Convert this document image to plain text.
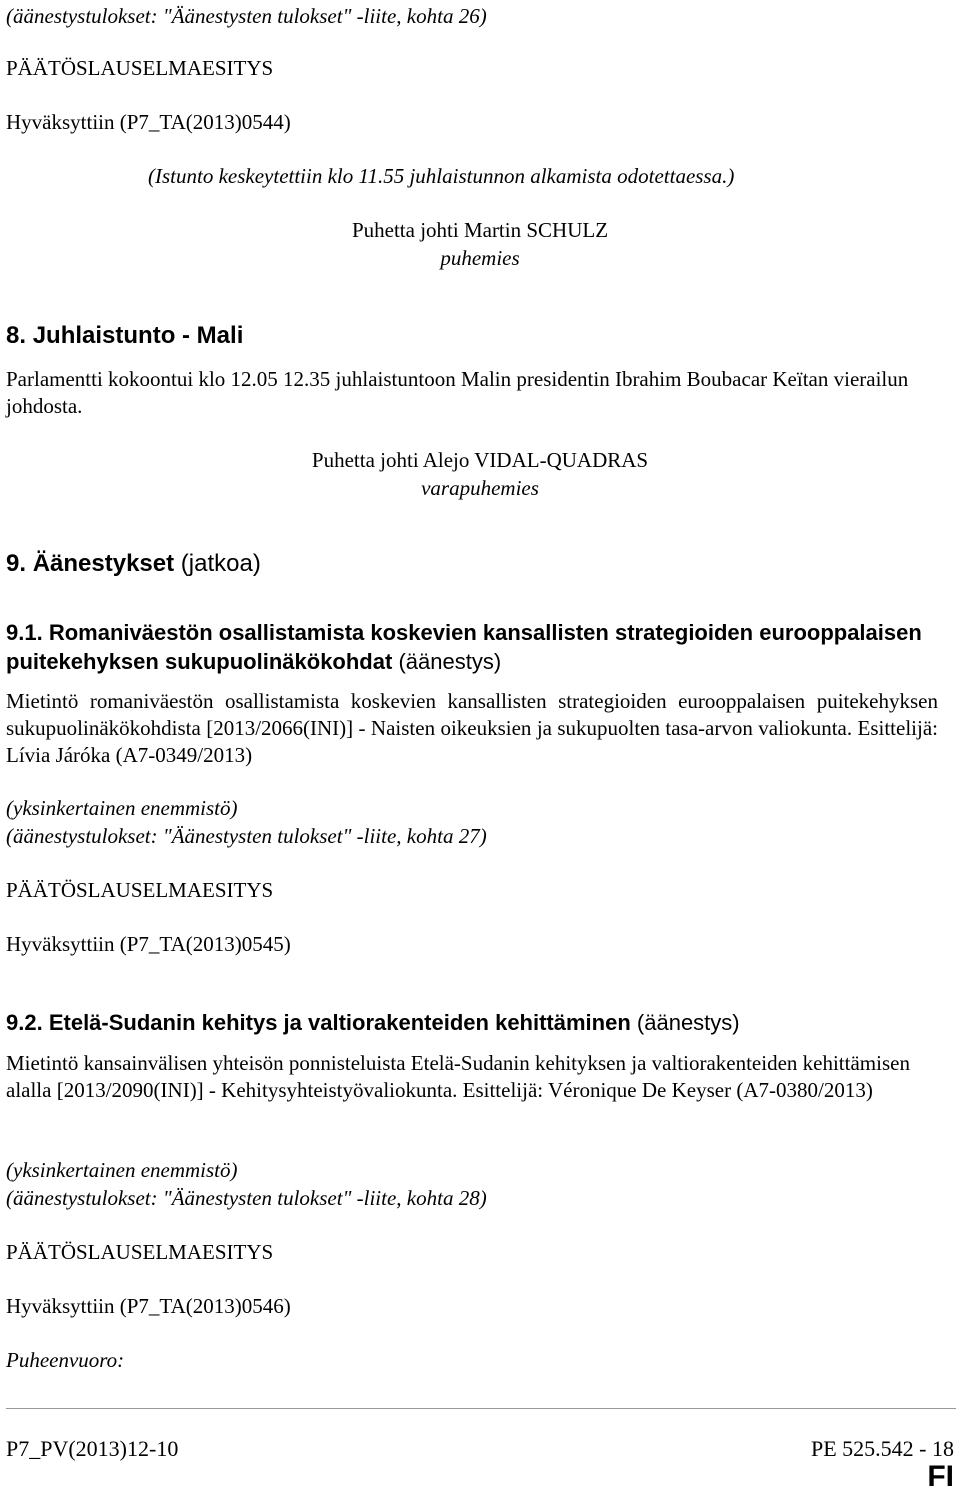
(äänestystulokset: "Äänestysten tulokset" -liite, kohta 26)
PÄÄTÖSLAUSELMAESITYS
Hyväksyttiin (P7_TA(2013)0544)
(Istunto keskeytettiin klo 11.55 juhlaistunnon alkamista odotettaessa.)
Puhetta johti Martin SCHULZ
puhemies
8. Juhlaistunto - Mali
Parlamentti kokoontui klo 12.05 12.35 juhlaistuntoon Malin presidentin Ibrahim Boubacar Keïtan vierailun johdosta.
Puhetta johti Alejo VIDAL-QUADRAS
varapuhemies
9. Äänestykset (jatkoa)
9.1. Romaniväestön osallistamista koskevien kansallisten strategioiden eurooppalaisen puitekehyksen sukupuolinäkökohdat (äänestys)
Mietintö romaniväestön osallistamista koskevien kansallisten strategioiden eurooppalaisen puitekehyksen sukupuolinäkökohdista [2013/2066(INI)] - Naisten oikeuksien ja sukupuolten tasa-arvon valiokunta. Esittelijä: Lívia Járóka (A7-0349/2013)
(yksinkertainen enemmistö)
(äänestystulokset: "Äänestysten tulokset" -liite, kohta 27)
PÄÄTÖSLAUSELMAESITYS
Hyväksyttiin (P7_TA(2013)0545)
9.2. Etelä-Sudanin kehitys ja valtiorakenteiden kehittäminen (äänestys)
Mietintö kansainvälisen yhteisön ponnisteluista Etelä-Sudanin kehityksen ja valtiorakenteiden kehittämisen alalla [2013/2090(INI)] - Kehitysyhteistyövaliokunta. Esittelijä: Véronique De Keyser (A7-0380/2013)
(yksinkertainen enemmistö)
(äänestystulokset: "Äänestysten tulokset" -liite, kohta 28)
PÄÄTÖSLAUSELMAESITYS
Hyväksyttiin (P7_TA(2013)0546)
Puheenvuoro:
P7_PV(2013)12-10	PE 525.542 - 18
FI
